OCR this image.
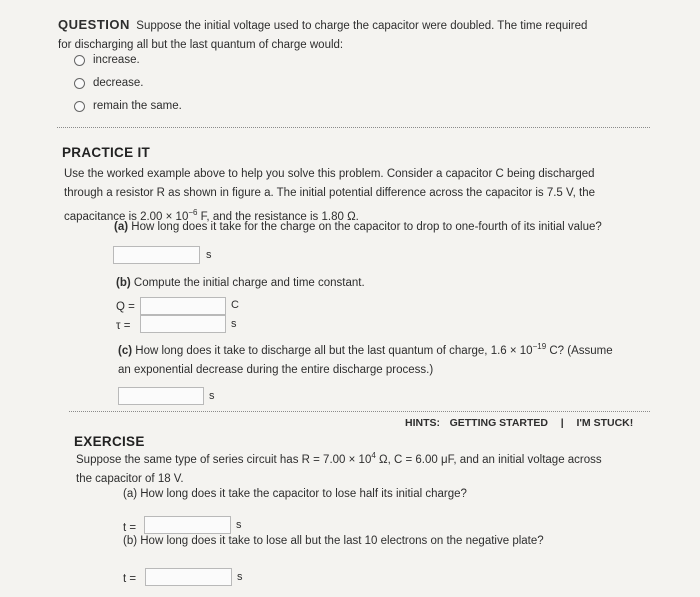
QUESTION Suppose the initial voltage used to charge the capacitor were doubled. The time required
for discharging all but the last quantum of charge would:
increase.
decrease.
remain the same.
PRACTICE IT
Use the worked example above to help you solve this problem. Consider a capacitor C being discharged
through a resistor R as shown in figure a. The initial potential difference across the capacitor is 7.5 V, the
capacitance is $2.00 \times 10^{-6}$ F, and the resistance is 1.80 Ω.
(a) How long does it take for the charge on the capacitor to drop to one-fourth of its initial value?
s
(b) Compute the initial charge and time constant.
Q =	C
τ =	s
(c) How long does it take to discharge all but the last quantum of charge, $1.6 \times 10^{-19}$ C? (Assume
an exponential decrease during the entire discharge process.)
s
HINTS: GETTING STARTED | I'M STUCK!
EXERCISE
Suppose the same type of series circuit has $R = 7.00 \times 10^4$ Ω, C = 6.00 μF, and an initial voltage across
the capacitor of 18 V.
(a) How long does it take the capacitor to lose half its initial charge?
t =	s
(b) How long does it take to lose all but the last 10 electrons on the negative plate?
t =	s
